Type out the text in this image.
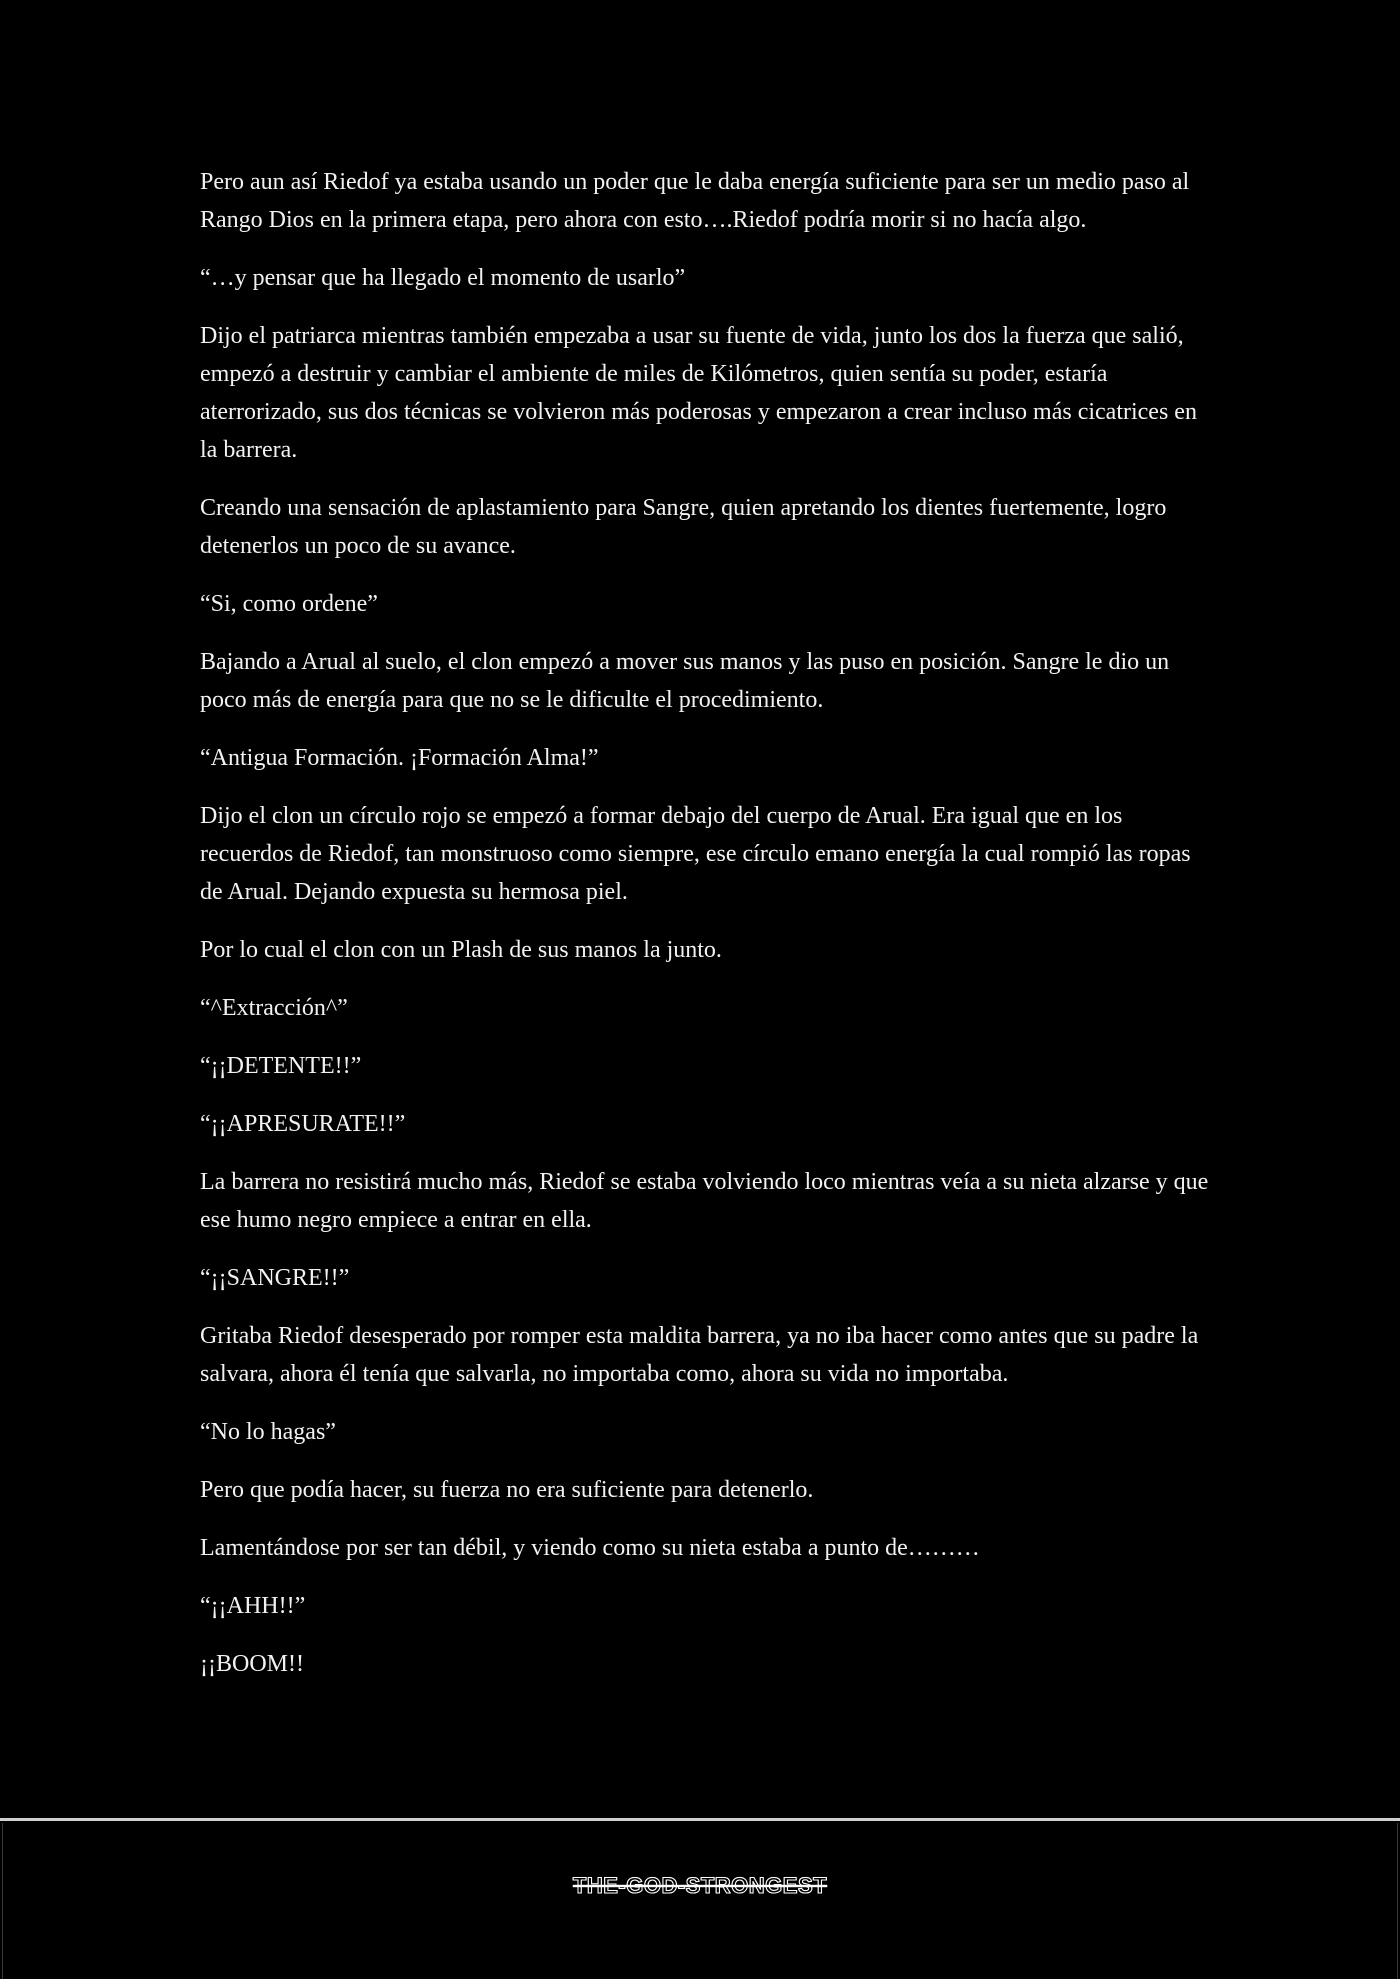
Pero aun así Riedof ya estaba usando un poder que le daba energía suficiente para ser un medio paso al Rango Dios en la primera etapa, pero ahora con esto….Riedof podría morir si no hacía algo.

“…y pensar que ha llegado el momento de usarlo”

Dijo el patriarca mientras también empezaba a usar su fuente de vida, junto los dos la fuerza que salió, empezó a destruir y cambiar el ambiente de miles de Kilómetros, quien sentía su poder, estaría aterrorizado, sus dos técnicas se volvieron más poderosas y empezaron a crear incluso más cicatrices en la barrera.

Creando una sensación de aplastamiento para Sangre, quien apretando los dientes fuertemente, logro detenerlos un poco de su avance.

“Si, como ordene”

Bajando a Arual al suelo, el clon empezó a mover sus manos y las puso en posición. Sangre le dio un poco más de energía para que no se le dificulte el procedimiento.

“Antigua Formación. ¡Formación Alma!”

Dijo el clon un círculo rojo se empezó a formar debajo del cuerpo de Arual. Era igual que en los recuerdos de Riedof, tan monstruoso como siempre, ese círculo emano energía la cual rompió las ropas de Arual. Dejando expuesta su hermosa piel.

Por lo cual el clon con un Plash de sus manos la junto.

“^Extracción^”

“¡¡DETENTE!!”

“¡¡APRESURATE!!”

La barrera no resistirá mucho más, Riedof se estaba volviendo loco mientras veía a su nieta alzarse y que ese humo negro empiece a entrar en ella.

“¡¡SANGRE!!”

Gritaba Riedof desesperado por romper esta maldita barrera, ya no iba hacer como antes que su padre la salvara, ahora él tenía que salvarla, no importaba como, ahora su vida no importaba.

“No lo hagas”

Pero que podía hacer, su fuerza no era suficiente para detenerlo.

Lamentándose por ser tan débil, y viendo como su nieta estaba a punto de………

“¡¡AHH!!”

¡¡BOOM!!

THE-GOD-STRONGEST
